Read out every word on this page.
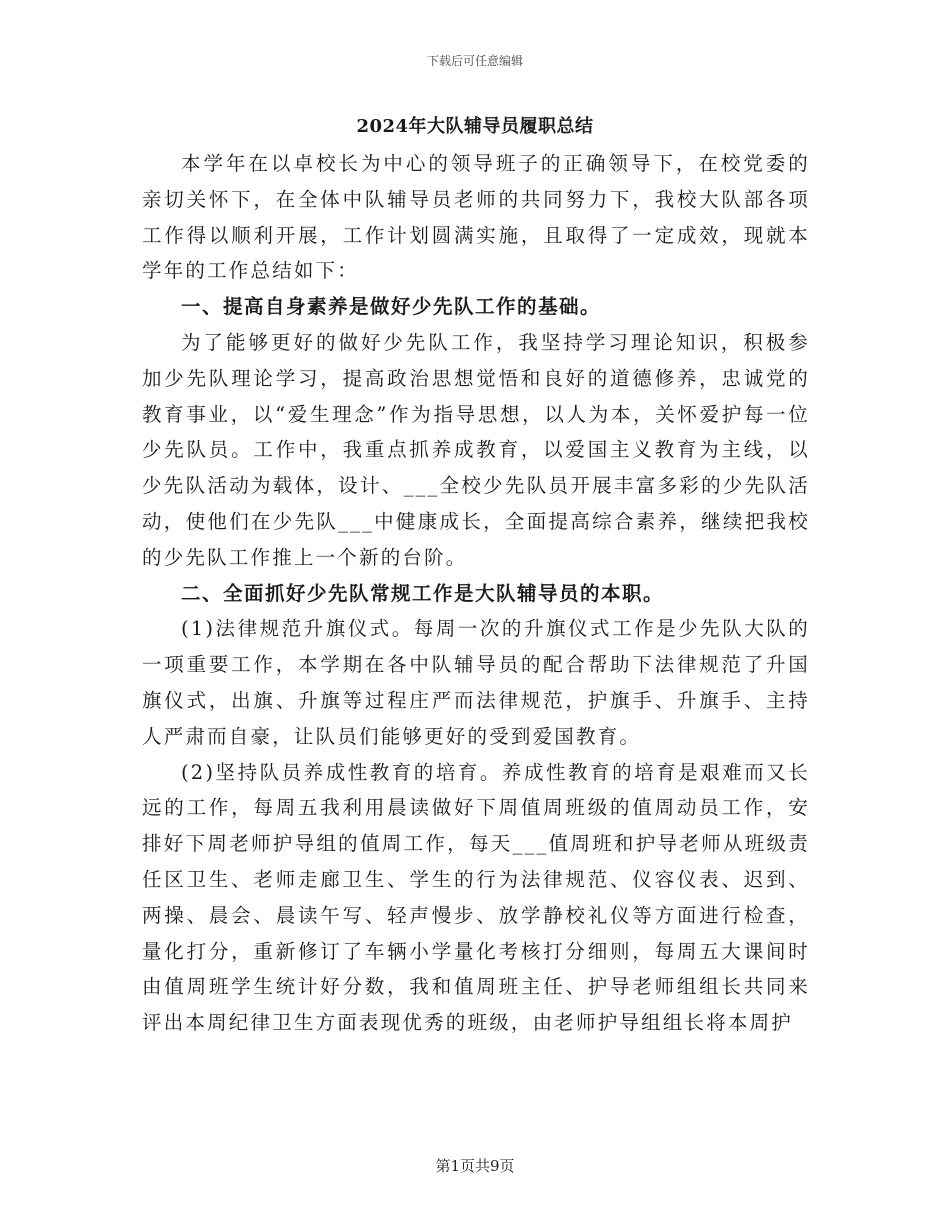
下载后可任意编辑
2024年大队辅导员履职总结

本学年在以卓校长为中心的领导班子的正确领导下，在校党委的亲切关怀下，在全体中队辅导员老师的共同努力下，我校大队部各项工作得以顺利开展，工作计划圆满实施，且取得了一定成效，现就本学年的工作总结如下：

一、提高自身素养是做好少先队工作的基础。

为了能够更好的做好少先队工作，我坚持学习理论知识，积极参加少先队理论学习，提高政治思想觉悟和良好的道德修养，忠诚党的教育事业，以“爱生理念”作为指导思想，以人为本，关怀爱护每一位少先队员。工作中，我重点抓养成教育，以爱国主义教育为主线，以少先队活动为载体，设计、___全校少先队员开展丰富多彩的少先队活动，使他们在少先队___中健康成长，全面提高综合素养，继续把我校的少先队工作推上一个新的台阶。

二、全面抓好少先队常规工作是大队辅导员的本职。

(1)法律规范升旗仪式。每周一次的升旗仪式工作是少先队大队的一项重要工作，本学期在各中队辅导员的配合帮助下法律规范了升国旗仪式，出旗、升旗等过程庄严而法律规范，护旗手、升旗手、主持人严肃而自豪，让队员们能够更好的受到爱国教育。

(2)坚持队员养成性教育的培育。养成性教育的培育是艰难而又长远的工作，每周五我利用晨读做好下周值周班级的值周动员工作，安排好下周老师护导组的值周工作，每天___值周班和护导老师从班级责任区卫生、老师走廊卫生、学生的行为法律规范、仪容仪表、迟到、两操、晨会、晨读午写、轻声慢步、放学静校礼仪等方面进行检查，量化打分，重新修订了车辆小学量化考核打分细则，每周五大课间时由值周班学生统计好分数，我和值周班主任、护导老师组组长共同来评出本周纪律卫生方面表现优秀的班级，由老师护导组组长将本周护

第1页共9页
